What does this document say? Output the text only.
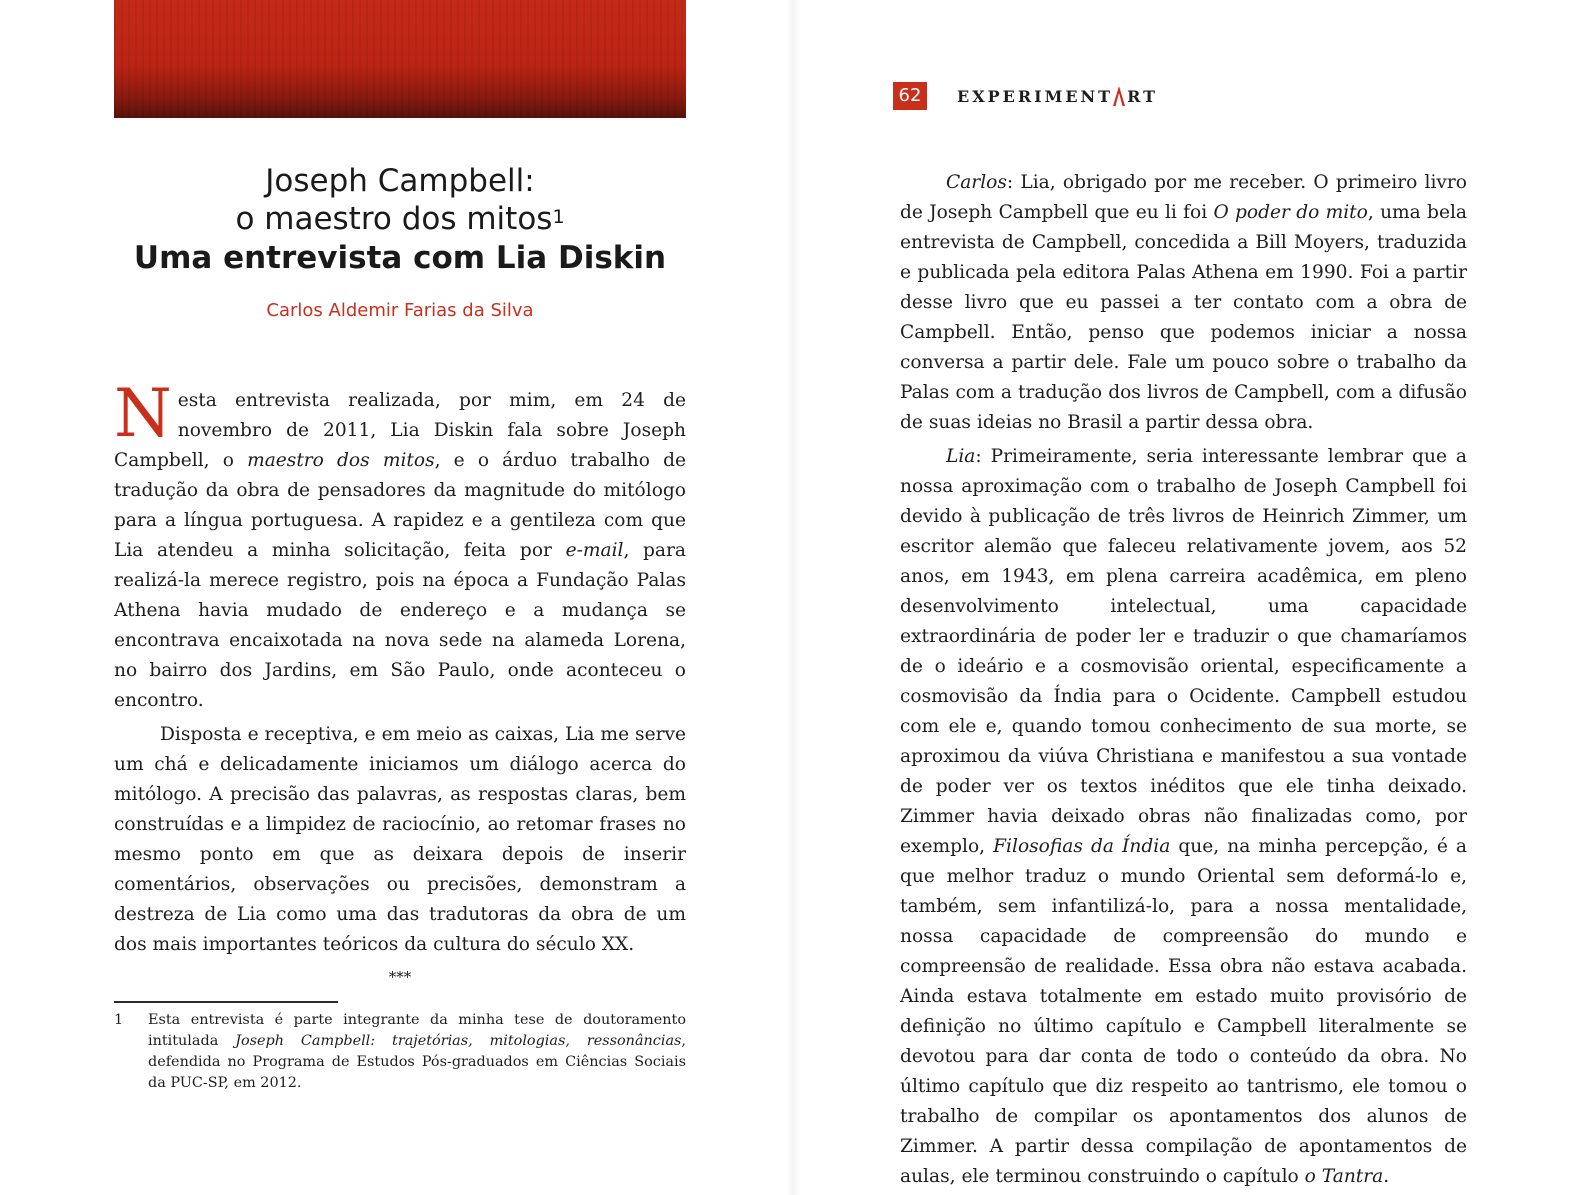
Joseph Campbell:
o maestro dos mitos$^1$
Uma entrevista com Lia Diskin
Carlos Aldemir Farias da Silva

Nesta entrevista realizada, por mim, em 24 de novembro de 2011, Lia Diskin fala sobre Joseph Campbell, o maestro dos mitos, e o árduo trabalho de tradução da obra de pensadores da magnitude do mitólogo para a língua portuguesa. A rapidez e a gentileza com que Lia atendeu a minha solicitação, feita por e-mail, para realizá-la merece registro, pois na época a Fundação Palas Athena havia mudado de endereço e a mudança se encontrava encaixotada na nova sede na alameda Lorena, no bairro dos Jardins, em São Paulo, onde aconteceu o encontro.

Disposta e receptiva, e em meio as caixas, Lia me serve um chá e delicadamente iniciamos um diálogo acerca do mitólogo. A precisão das palavras, as respostas claras, bem construídas e a limpidez de raciocínio, ao retomar frases no mesmo ponto em que as deixara depois de inserir comentários, observações ou precisões, demonstram a destreza de Lia como uma das tradutoras da obra de um dos mais importantes teóricos da cultura do século XX.

***
1 Esta entrevista é parte integrante da minha tese de doutoramento intitulada Joseph Campbell: trajetórias, mitologias, ressonâncias, defendida no Programa de Estudos Pós-graduados em Ciências Sociais da PUC-SP, em 2012.
62	EXPERIMENT RT

Carlos: Lia, obrigado por me receber. O primeiro livro de Joseph Campbell que eu li foi O poder do mito, uma bela entrevista de Campbell, concedida a Bill Moyers, traduzida e publicada pela editora Palas Athena em 1990. Foi a partir desse livro que eu passei a ter contato com a obra de Campbell. Então, penso que podemos iniciar a nossa conversa a partir dele. Fale um pouco sobre o trabalho da Palas com a tradução dos livros de Campbell, com a difusão de suas ideias no Brasil a partir dessa obra.

Lia: Primeiramente, seria interessante lembrar que a nossa aproximação com o trabalho de Joseph Campbell foi devido à publicação de três livros de Heinrich Zimmer, um escritor alemão que faleceu relativamente jovem, aos 52 anos, em 1943, em plena carreira acadêmica, em pleno desenvolvimento intelectual, uma capacidade extraordinária de poder ler e traduzir o que chamaríamos de o ideário e a cosmovisão oriental, especificamente a cosmovisão da Índia para o Ocidente. Campbell estudou com ele e, quando tomou conhecimento de sua morte, se aproximou da viúva Christiana e manifestou a sua vontade de poder ver os textos inéditos que ele tinha deixado. Zimmer havia deixado obras não finalizadas como, por exemplo, Filosofias da Índia que, na minha percepção, é a que melhor traduz o mundo Oriental sem deformá-lo e, também, sem infantilizá-lo, para a nossa mentalidade, nossa capacidade de compreensão do mundo e compreensão de realidade. Essa obra não estava acabada. Ainda estava totalmente em estado muito provisório de definição no último capítulo e Campbell literalmente se devotou para dar conta de todo o conteúdo da obra. No último capítulo que diz respeito ao tantrismo, ele tomou o trabalho de compilar os apontamentos dos alunos de Zimmer. A partir dessa compilação de apontamentos de aulas, ele terminou construindo o capítulo o Tantra.
